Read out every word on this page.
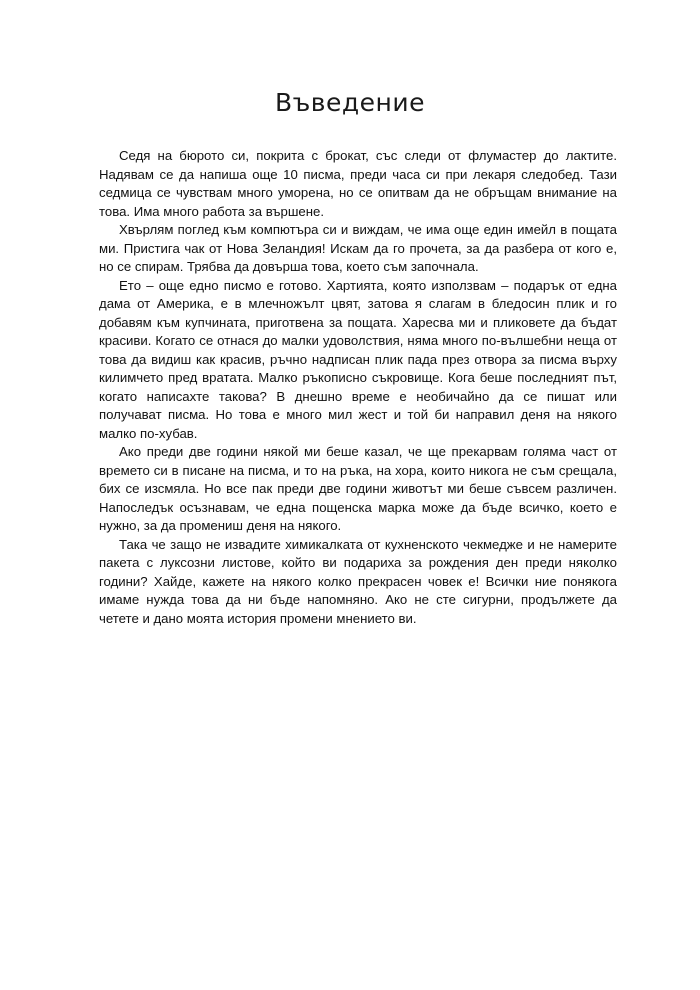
Въведение

Седя на бюрото си, покрита с брокат, със следи от флумастер до лактите. Надявам се да напиша още 10 писма, преди часа си при лекаря следобед. Тази седмица се чувствам много уморена, но се опитвам да не обръщам внимание на това. Има много работа за вършене.

Хвърлям поглед към компютъра си и виждам, че има още един имейл в пощата ми. Пристига чак от Нова Зеландия! Искам да го прочета, за да разбера от кого е, но се спирам. Трябва да довърша това, което съм започнала.

Ето – още едно писмо е готово. Хартията, която използвам – подарък от една дама от Америка, е в млечножълт цвят, затова я слагам в бледосин плик и го добавям към купчината, приготвена за пощата. Харесва ми и пликовете да бъдат красиви. Когато се отнася до малки удоволствия, няма много по-вълшебни неща от това да видиш как красив, ръчно надписан плик пада през отвора за писма върху килимчето пред вратата. Малко ръкописно съкровище. Кога беше последният път, когато написахте такова? В днешно време е необичайно да се пишат или получават писма. Но това е много мил жест и той би направил деня на някого малко по-хубав.

Ако преди две години някой ми беше казал, че ще прекарвам голяма част от времето си в писане на писма, и то на ръка, на хора, които никога не съм срещала, бих се изсмяла. Но все пак преди две години животът ми беше съвсем различен. Напоследък осъзнавам, че една пощенска марка може да бъде всичко, което е нужно, за да промениш деня на някого.

Така че защо не извадите химикалката от кухненското чекмедже и не намерите пакета с луксозни листове, който ви подариха за рождения ден преди няколко години? Хайде, кажете на някого колко прекрасен човек е! Всички ние понякога имаме нужда това да ни бъде напомняно. Ако не сте сигурни, продължете да четете и дано моята история промени мнението ви.
